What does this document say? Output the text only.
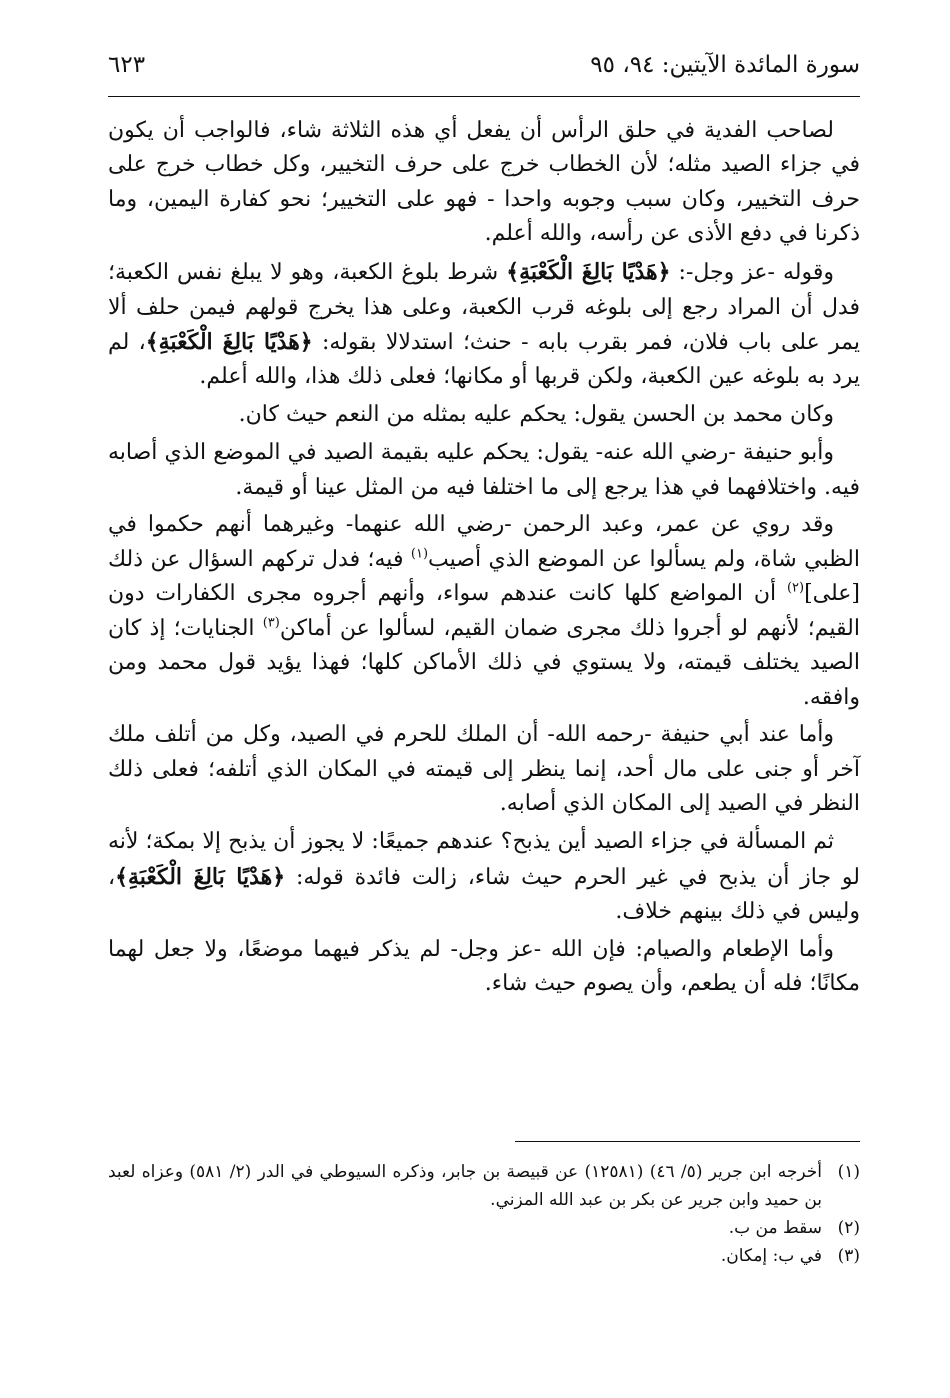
سورة المائدة الآيتين: ٩٤، ٩٥
٦٢٣

لصاحب الفدية في حلق الرأس أن يفعل أي هذه الثلاثة شاء، فالواجب أن يكون في جزاء الصيد مثله؛ لأن الخطاب خرج على حرف التخيير، وكل خطاب خرج على حرف التخيير، وكان سبب وجوبه واحدا - فهو على التخيير؛ نحو كفارة اليمين، وما ذكرنا في دفع الأذى عن رأسه، والله أعلم.

وقوله -عز وجل-: ﴿هَدْيًا بَالِغَ الْكَعْبَةِ﴾ شرط بلوغ الكعبة، وهو لا يبلغ نفس الكعبة؛ فدل أن المراد رجع إلى بلوغه قرب الكعبة، وعلى هذا يخرج قولهم فيمن حلف ألا يمر على باب فلان، فمر بقرب بابه - حنث؛ استدلالا بقوله: ﴿هَدْيًا بَالِغَ الْكَعْبَةِ﴾، لم يرد به بلوغه عين الكعبة، ولكن قربها أو مكانها؛ فعلى ذلك هذا، والله أعلم.

وكان محمد بن الحسن يقول: يحكم عليه بمثله من النعم حيث كان.

وأبو حنيفة -رضي الله عنه- يقول: يحكم عليه بقيمة الصيد في الموضع الذي أصابه فيه. واختلافهما في هذا يرجع إلى ما اختلفا فيه من المثل عينا أو قيمة.

وقد روي عن عمر، وعبد الرحمن -رضي الله عنهما- وغيرهما أنهم حكموا في الظبي شاة، ولم يسألوا عن الموضع الذي أصيب$^{(١)}$ فيه؛ فدل تركهم السؤال عن ذلك [على]$^{(٢)}$ أن المواضع كلها كانت عندهم سواء، وأنهم أجروه مجرى الكفارات دون القيم؛ لأنهم لو أجروا ذلك مجرى ضمان القيم، لسألوا عن أماكن$^{(٣)}$ الجنايات؛ إذ كان الصيد يختلف قيمته، ولا يستوي في ذلك الأماكن كلها؛ فهذا يؤيد قول محمد ومن وافقه.

وأما عند أبي حنيفة -رحمه الله- أن الملك للحرم في الصيد، وكل من أتلف ملك آخر أو جنى على مال أحد، إنما ينظر إلى قيمته في المكان الذي أتلفه؛ فعلى ذلك النظر في الصيد إلى المكان الذي أصابه.

ثم المسألة في جزاء الصيد أين يذبح؟ عندهم جميعًا: لا يجوز أن يذبح إلا بمكة؛ لأنه لو جاز أن يذبح في غير الحرم حيث شاء، زالت فائدة قوله: ﴿هَدْيًا بَالِغَ الْكَعْبَةِ﴾، وليس في ذلك بينهم خلاف.

وأما الإطعام والصيام: فإن الله -عز وجل- لم يذكر فيهما موضعًا، ولا جعل لهما مكانًا؛ فله أن يطعم، وأن يصوم حيث شاء.

(١)
أخرجه ابن جرير (٥/ ٤٦) (١٢٥٨١) عن قبيصة بن جابر، وذكره السيوطي في الدر (٢/ ٥٨١) وعزاه لعبد بن حميد وابن جرير عن بكر بن عبد الله المزني.
(٢)
سقط من ب.
(٣)
في ب: إمكان.
